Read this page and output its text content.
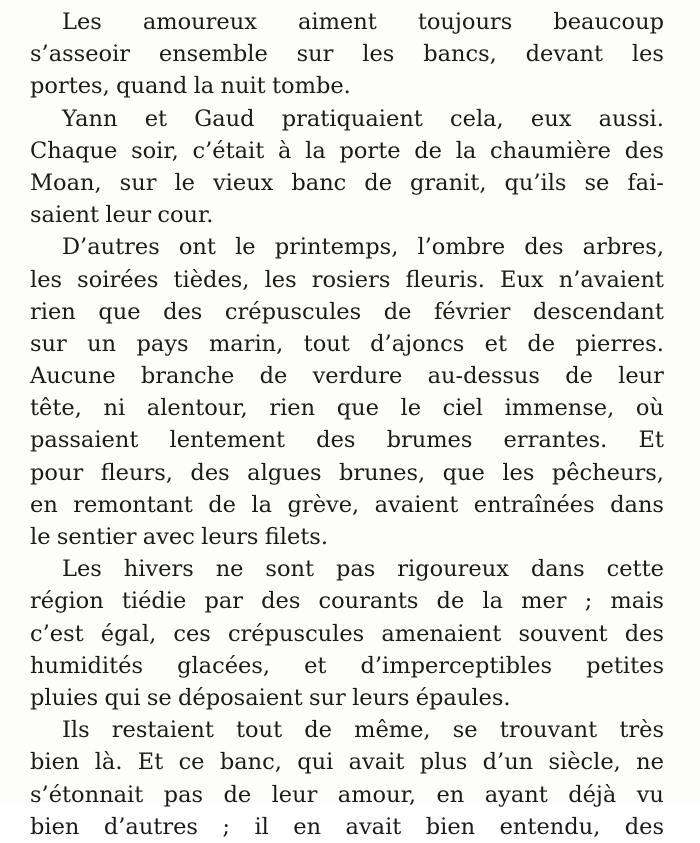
Les amoureux aiment toujours beaucoup
s’asseoir ensemble sur les bancs, devant les
portes, quand la nuit tombe.
Yann et Gaud pratiquaient cela, eux aussi.
Chaque soir, c’était à la porte de la chaumière des
Moan, sur le vieux banc de granit, qu’ils se fai-
saient leur cour.
D’autres ont le printemps, l’ombre des arbres,
les soirées tièdes, les rosiers fleuris. Eux n’avaient
rien que des crépuscules de février descendant
sur un pays marin, tout d’ajoncs et de pierres.
Aucune branche de verdure au-dessus de leur
tête, ni alentour, rien que le ciel immense, où
passaient lentement des brumes errantes. Et
pour fleurs, des algues brunes, que les pêcheurs,
en remontant de la grève, avaient entraînées dans
le sentier avec leurs filets.
Les hivers ne sont pas rigoureux dans cette
région tiédie par des courants de la mer ; mais
c’est égal, ces crépuscules amenaient souvent des
humidités glacées, et d’imperceptibles petites
pluies qui se déposaient sur leurs épaules.
Ils restaient tout de même, se trouvant très
bien là. Et ce banc, qui avait plus d’un siècle, ne
s’étonnait pas de leur amour, en ayant déjà vu
bien d’autres ; il en avait bien entendu, des
